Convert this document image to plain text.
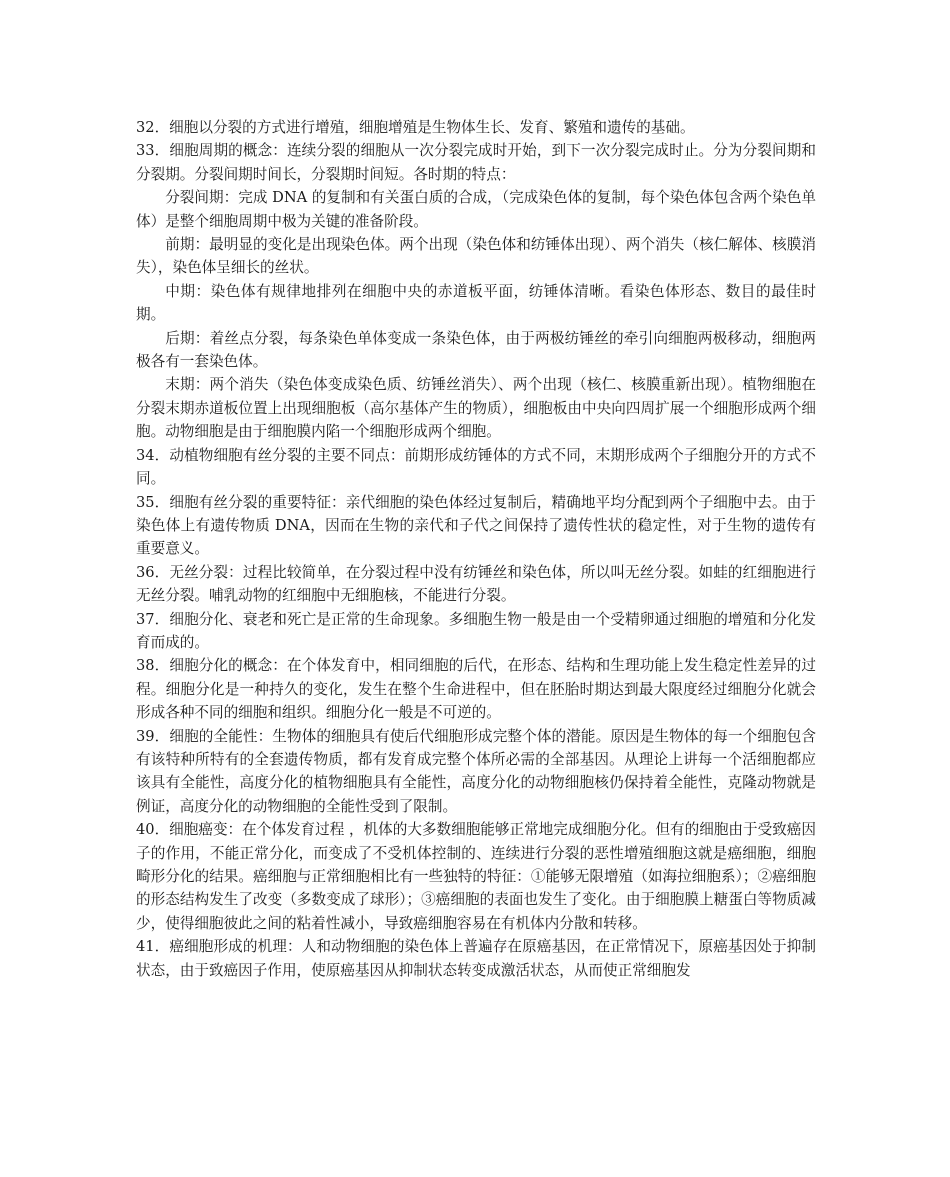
32．细胞以分裂的方式进行增殖，细胞增殖是生物体生长、发育、繁殖和遗传的基础。

33．细胞周期的概念：连续分裂的细胞从一次分裂完成时开始，到下一次分裂完成时止。分为分裂间期和分裂期。分裂间期时间长，分裂期时间短。各时期的特点：

分裂间期：完成 DNA 的复制和有关蛋白质的合成，（完成染色体的复制，每个染色体包含两个染色单体）是整个细胞周期中极为关键的准备阶段。

前期：最明显的变化是出现染色体。两个出现（染色体和纺锤体出现）、两个消失（核仁解体、核膜消失），染色体呈细长的丝状。

中期：染色体有规律地排列在细胞中央的赤道板平面，纺锤体清晰。看染色体形态、数目的最佳时期。

后期：着丝点分裂，每条染色单体变成一条染色体，由于两极纺锤丝的牵引向细胞两极移动，细胞两极各有一套染色体。

末期：两个消失（染色体变成染色质、纺锤丝消失）、两个出现（核仁、核膜重新出现）。植物细胞在分裂末期赤道板位置上出现细胞板（高尔基体产生的物质），细胞板由中央向四周扩展一个细胞形成两个细胞。动物细胞是由于细胞膜内陷一个细胞形成两个细胞。

34．动植物细胞有丝分裂的主要不同点：前期形成纺锤体的方式不同，末期形成两个子细胞分开的方式不同。

35．细胞有丝分裂的重要特征：亲代细胞的染色体经过复制后，精确地平均分配到两个子细胞中去。由于染色体上有遗传物质 DNA，因而在生物的亲代和子代之间保持了遗传性状的稳定性，对于生物的遗传有重要意义。

36．无丝分裂：过程比较简单，在分裂过程中没有纺锤丝和染色体，所以叫无丝分裂。如蛙的红细胞进行无丝分裂。哺乳动物的红细胞中无细胞核，不能进行分裂。

37．细胞分化、衰老和死亡是正常的生命现象。多细胞生物一般是由一个受精卵通过细胞的增殖和分化发育而成的。

38．细胞分化的概念：在个体发育中，相同细胞的后代，在形态、结构和生理功能上发生稳定性差异的过程。细胞分化是一种持久的变化，发生在整个生命进程中，但在胚胎时期达到最大限度经过细胞分化就会形成各种不同的细胞和组织。细胞分化一般是不可逆的。

39．细胞的全能性：生物体的细胞具有使后代细胞形成完整个体的潜能。原因是生物体的每一个细胞包含有该特种所特有的全套遗传物质，都有发育成完整个体所必需的全部基因。从理论上讲每一个活细胞都应该具有全能性，高度分化的植物细胞具有全能性，高度分化的动物细胞核仍保持着全能性，克隆动物就是例证，高度分化的动物细胞的全能性受到了限制。

40．细胞癌变：在个体发育过程 ，机体的大多数细胞能够正常地完成细胞分化。但有的细胞由于受致癌因子的作用，不能正常分化，而变成了不受机体控制的、连续进行分裂的恶性增殖细胞这就是癌细胞，细胞畸形分化的结果。癌细胞与正常细胞相比有一些独特的特征：①能够无限增殖（如海拉细胞系）；②癌细胞的形态结构发生了改变（多数变成了球形）；③癌细胞的表面也发生了变化。由于细胞膜上糖蛋白等物质减少，使得细胞彼此之间的粘着性减小，导致癌细胞容易在有机体内分散和转移。

41．癌细胞形成的机理：人和动物细胞的染色体上普遍存在原癌基因，在正常情况下，原癌基因处于抑制状态，由于致癌因子作用，使原癌基因从抑制状态转变成激活状态，从而使正常细胞发
